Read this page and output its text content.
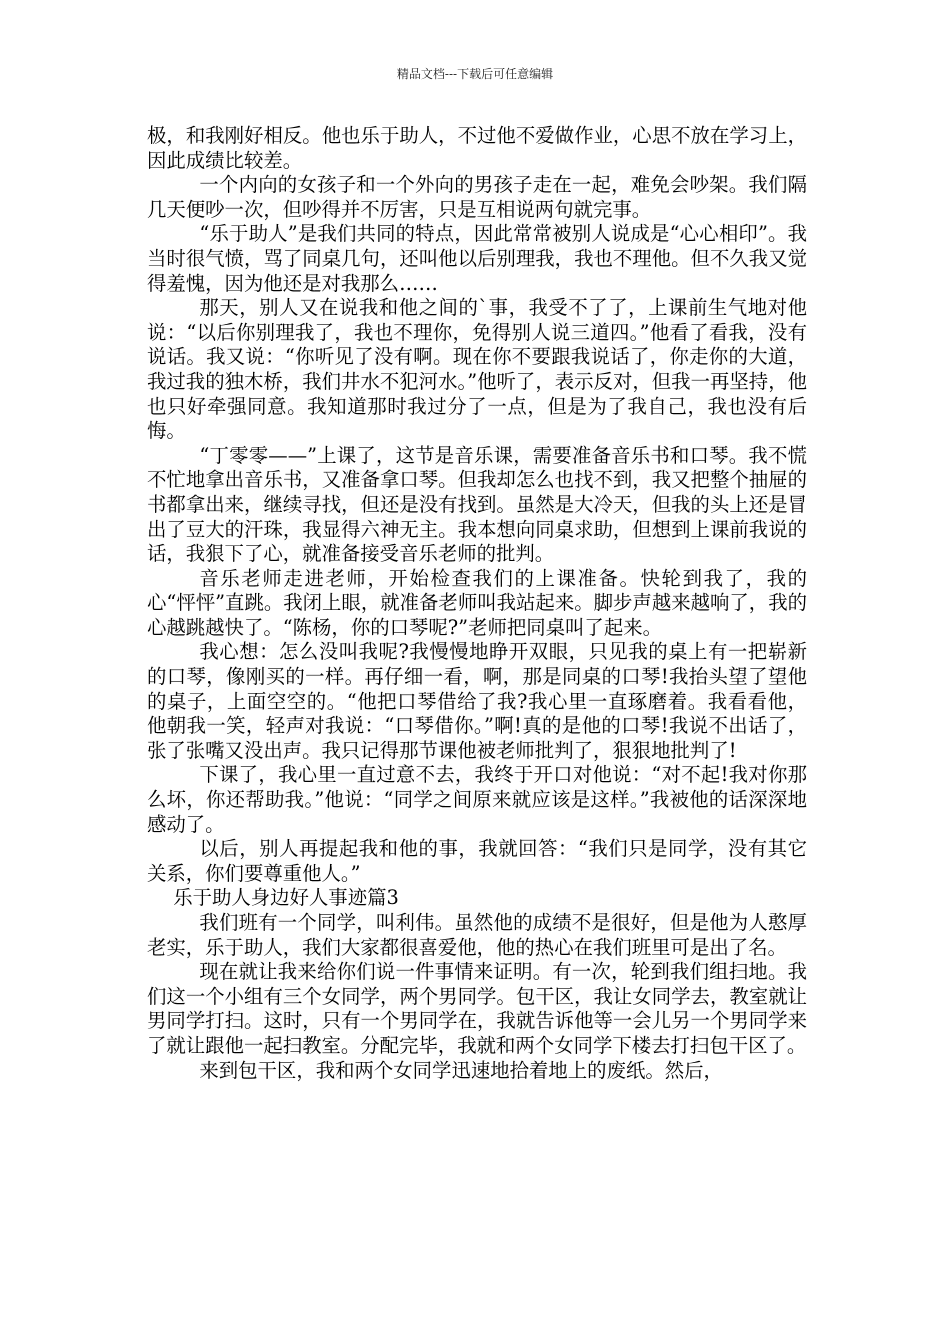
精品文档---下载后可任意编辑

极，和我刚好相反。他也乐于助人，不过他不爱做作业，心思不放在学习上，因此成绩比较差。

一个内向的女孩子和一个外向的男孩子走在一起，难免会吵架。我们隔几天便吵一次，但吵得并不厉害，只是互相说两句就完事。

“乐于助人”是我们共同的特点，因此常常被别人说成是“心心相印”。我当时很气愤，骂了同桌几句，还叫他以后别理我，我也不理他。但不久我又觉得羞愧，因为他还是对我那么……

那天，别人又在说我和他之间的`事，我受不了了，上课前生气地对他说：“以后你别理我了，我也不理你，免得别人说三道四。”他看了看我，没有说话。我又说：“你听见了没有啊。现在你不要跟我说话了，你走你的大道，我过我的独木桥，我们井水不犯河水。”他听了，表示反对，但我一再坚持，他也只好牵强同意。我知道那时我过分了一点，但是为了我自己，我也没有后悔。

“丁零零——”上课了，这节是音乐课，需要准备音乐书和口琴。我不慌不忙地拿出音乐书，又准备拿口琴。但我却怎么也找不到，我又把整个抽屉的书都拿出来，继续寻找，但还是没有找到。虽然是大冷天，但我的头上还是冒出了豆大的汗珠，我显得六神无主。我本想向同桌求助，但想到上课前我说的话，我狠下了心，就准备接受音乐老师的批判。

音乐老师走进老师，开始检查我们的上课准备。快轮到我了，我的心“怦怦”直跳。我闭上眼，就准备老师叫我站起来。脚步声越来越响了，我的心越跳越快了。“陈杨，你的口琴呢?”老师把同桌叫了起来。

我心想：怎么没叫我呢?我慢慢地睁开双眼，只见我的桌上有一把崭新的口琴，像刚买的一样。再仔细一看，啊，那是同桌的口琴!我抬头望了望他的桌子，上面空空的。“他把口琴借给了我?我心里一直琢磨着。我看看他，他朝我一笑，轻声对我说：“口琴借你。”啊!真的是他的口琴!我说不出话了，张了张嘴又没出声。我只记得那节课他被老师批判了，狠狠地批判了!

下课了，我心里一直过意不去，我终于开口对他说：“对不起!我对你那么坏，你还帮助我。”他说：“同学之间原来就应该是这样。”我被他的话深深地感动了。

以后，别人再提起我和他的事，我就回答：“我们只是同学，没有其它关系，你们要尊重他人。”

乐于助人身边好人事迹篇3

我们班有一个同学，叫利伟。虽然他的成绩不是很好，但是他为人憨厚老实，乐于助人，我们大家都很喜爱他，他的热心在我们班里可是出了名。

现在就让我来给你们说一件事情来证明。有一次，轮到我们组扫地。我们这一个小组有三个女同学，两个男同学。包干区，我让女同学去，教室就让男同学打扫。这时，只有一个男同学在，我就告诉他等一会儿另一个男同学来了就让跟他一起扫教室。分配完毕，我就和两个女同学下楼去打扫包干区了。

来到包干区，我和两个女同学迅速地拾着地上的废纸。然后，
